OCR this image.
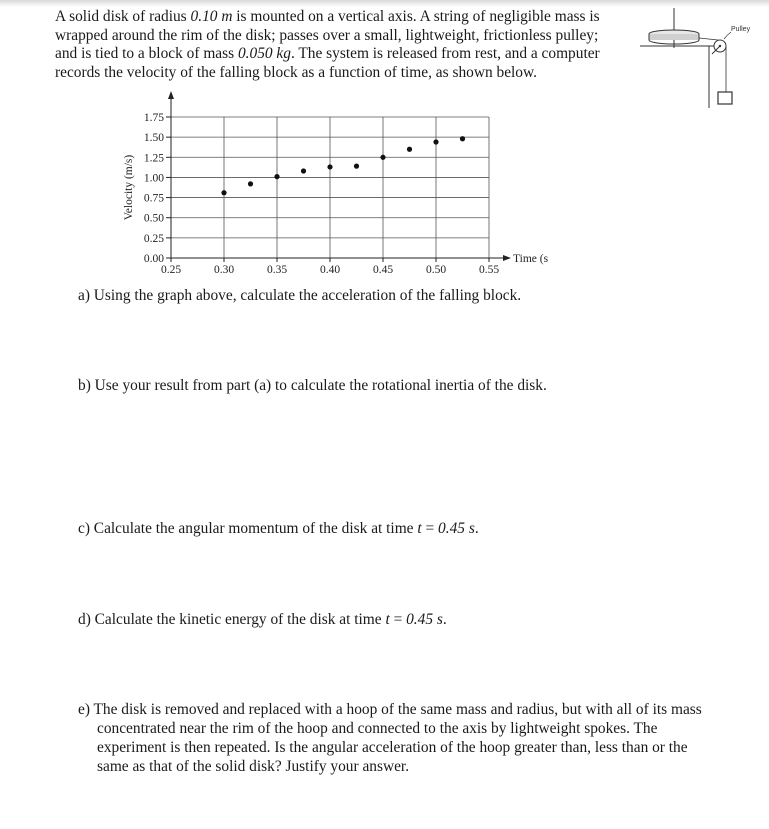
A solid disk of radius 0.10 m is mounted on a vertical axis. A string of negligible mass is
wrapped around the rim of the disk; passes over a small, lightweight, frictionless pulley;
and is tied to a block of mass 0.050 kg. The system is released from rest, and a computer
records the velocity of the falling block as a function of time, as shown below.
Pulley
0.00
0.25
0.50
0.75
1.00
1.25
1.50
1.75
0.25	0.30	0.35	0.40	0.45	0.50	0.55
Time (s
Velocity (m/s)
a) Using the graph above, calculate the acceleration of the falling block.
b) Use your result from part (a) to calculate the rotational inertia of the disk.
c) Calculate the angular momentum of the disk at time t = 0.45 s.
d) Calculate the kinetic energy of the disk at time t = 0.45 s.
e) The disk is removed and replaced with a hoop of the same mass and radius, but with all of its mass
concentrated near the rim of the hoop and connected to the axis by lightweight spokes. The
experiment is then repeated. Is the angular acceleration of the hoop greater than, less than or the
same as that of the solid disk? Justify your answer.
